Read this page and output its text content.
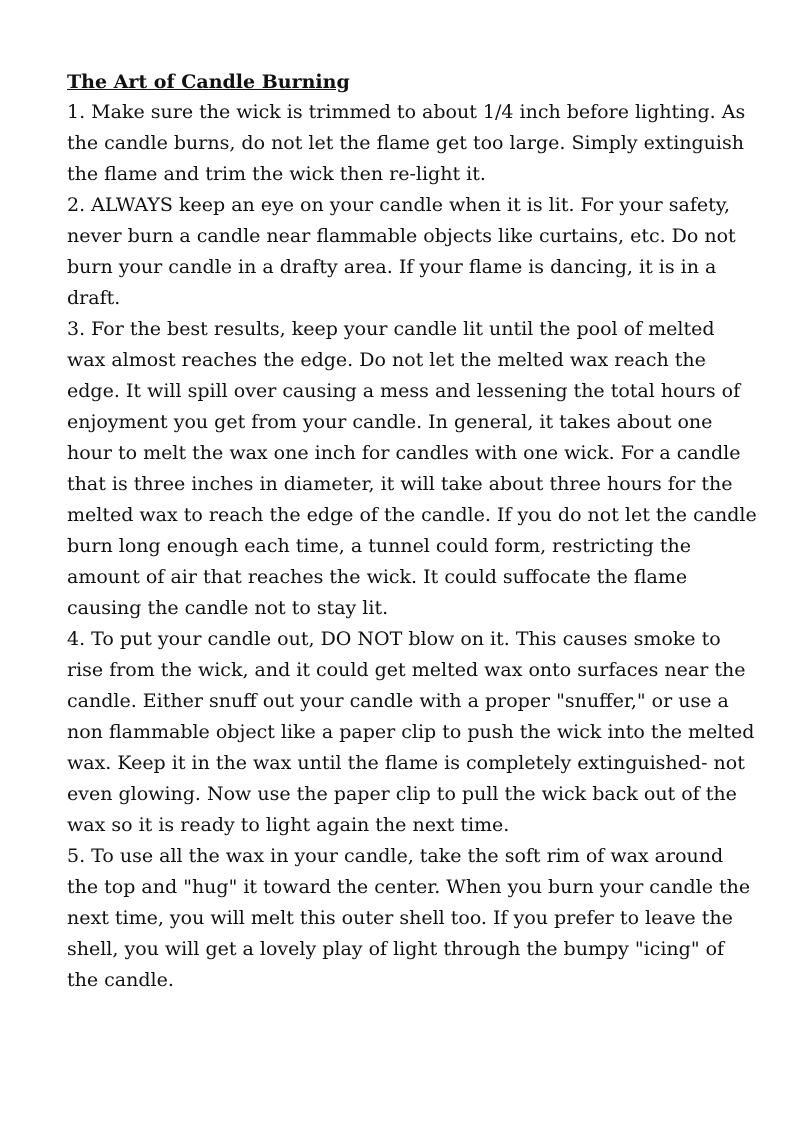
The Art of Candle Burning

1. Make sure the wick is trimmed to about 1/4 inch before lighting. As the candle burns, do not let the flame get too large. Simply extinguish the flame and trim the wick then re-light it.

2. ALWAYS keep an eye on your candle when it is lit. For your safety, never burn a candle near flammable objects like curtains, etc. Do not burn your candle in a drafty area. If your flame is dancing, it is in a draft.

3. For the best results, keep your candle lit until the pool of melted wax almost reaches the edge. Do not let the melted wax reach the edge. It will spill over causing a mess and lessening the total hours of enjoyment you get from your candle. In general, it takes about one hour to melt the wax one inch for candles with one wick. For a candle that is three inches in diameter, it will take about three hours for the melted wax to reach the edge of the candle. If you do not let the candle burn long enough each time, a tunnel could form, restricting the amount of air that reaches the wick. It could suffocate the flame causing the candle not to stay lit.

4. To put your candle out, DO NOT blow on it. This causes smoke to rise from the wick, and it could get melted wax onto surfaces near the candle. Either snuff out your candle with a proper "snuffer," or use a non flammable object like a paper clip to push the wick into the melted wax. Keep it in the wax until the flame is completely extinguished- not even glowing. Now use the paper clip to pull the wick back out of the wax so it is ready to light again the next time.

5. To use all the wax in your candle, take the soft rim of wax around the top and "hug" it toward the center. When you burn your candle the next time, you will melt this outer shell too. If you prefer to leave the shell, you will get a lovely play of light through the bumpy "icing" of the candle.
